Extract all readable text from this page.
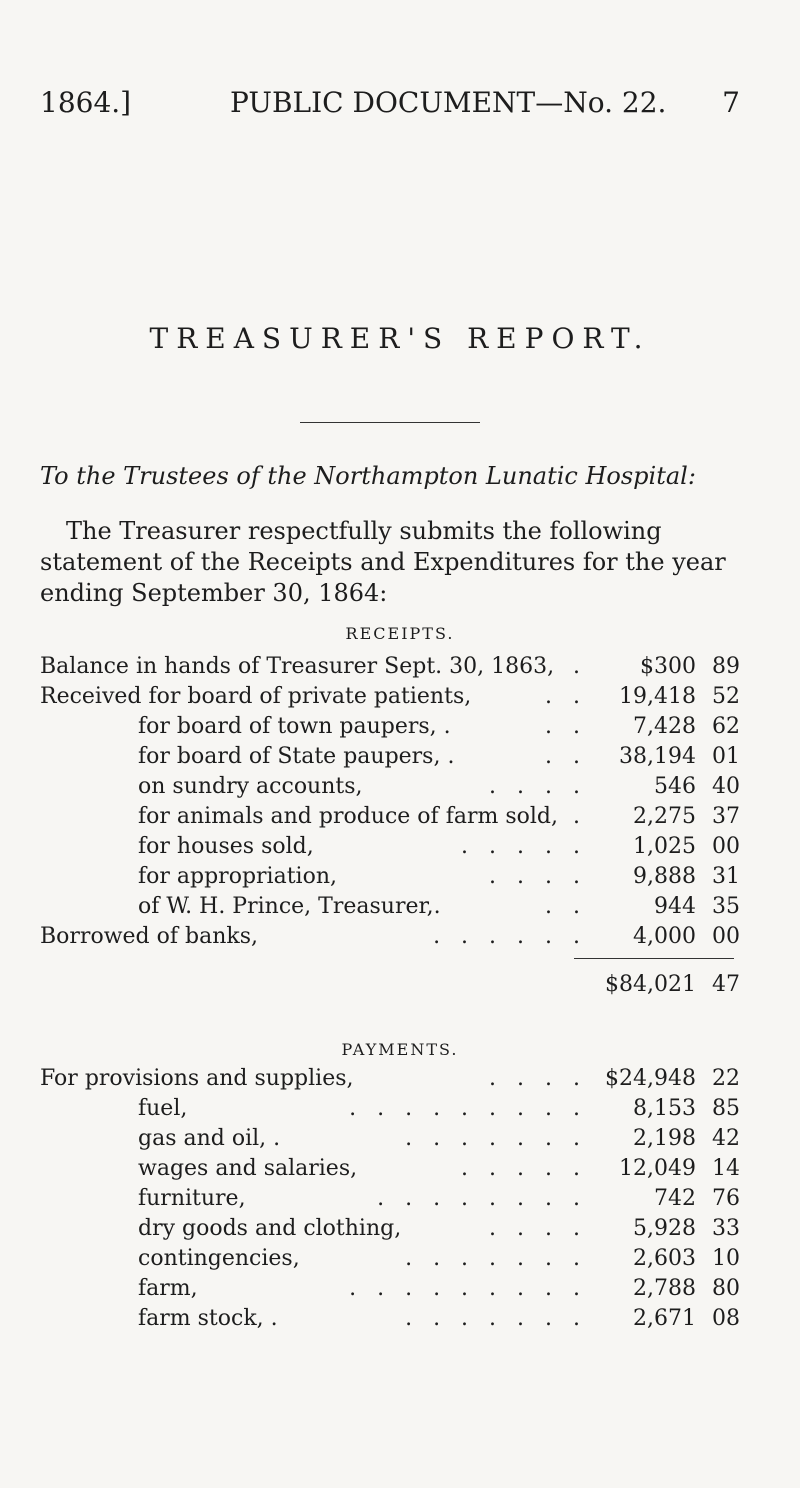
1864.]	PUBLIC DOCUMENT—No. 22. 7
TREASURER'S REPORT.
To the Trustees of the Northampton Lunatic Hospital:
The Treasurer respectfully submits the following statement of the Receipts and Expenditures for the year ending September 30, 1864:
RECEIPTS.
Balance in hands of Treasurer Sept. 30, 1863, .	$300 89
Received for board of private patients,	. . 19,418 52
for board of town paupers, .	. . 7,428 62
for board of State paupers, .	. . 38,194 01
on sundry accounts,	. . . .	546 40
for animals and produce of farm sold, . 2,275 37
for houses sold,	. . . . . 1,025 00
for appropriation,	. . . . 9,888 31
of W. H. Prince, Treasurer,.	. .	944 35
Borrowed of banks,	. . . . . . 4,000 00
$84,021 47
PAYMENTS.
For provisions and supplies,	. . . . $24,948 22
fuel,	. . . . . . . . . 8,153 85
gas and oil, .	. . . . . . . 2,198 42
wages and salaries,	. . . . . 12,049 14
furniture,	. . . . . . . .	742 76
dry goods and clothing,	. . . . 5,928 33
contingencies,	. . . . . . . 2,603 10
farm,	. . . . . . . . . 2,788 80
farm stock, .	. . . . . . . 2,671 08
